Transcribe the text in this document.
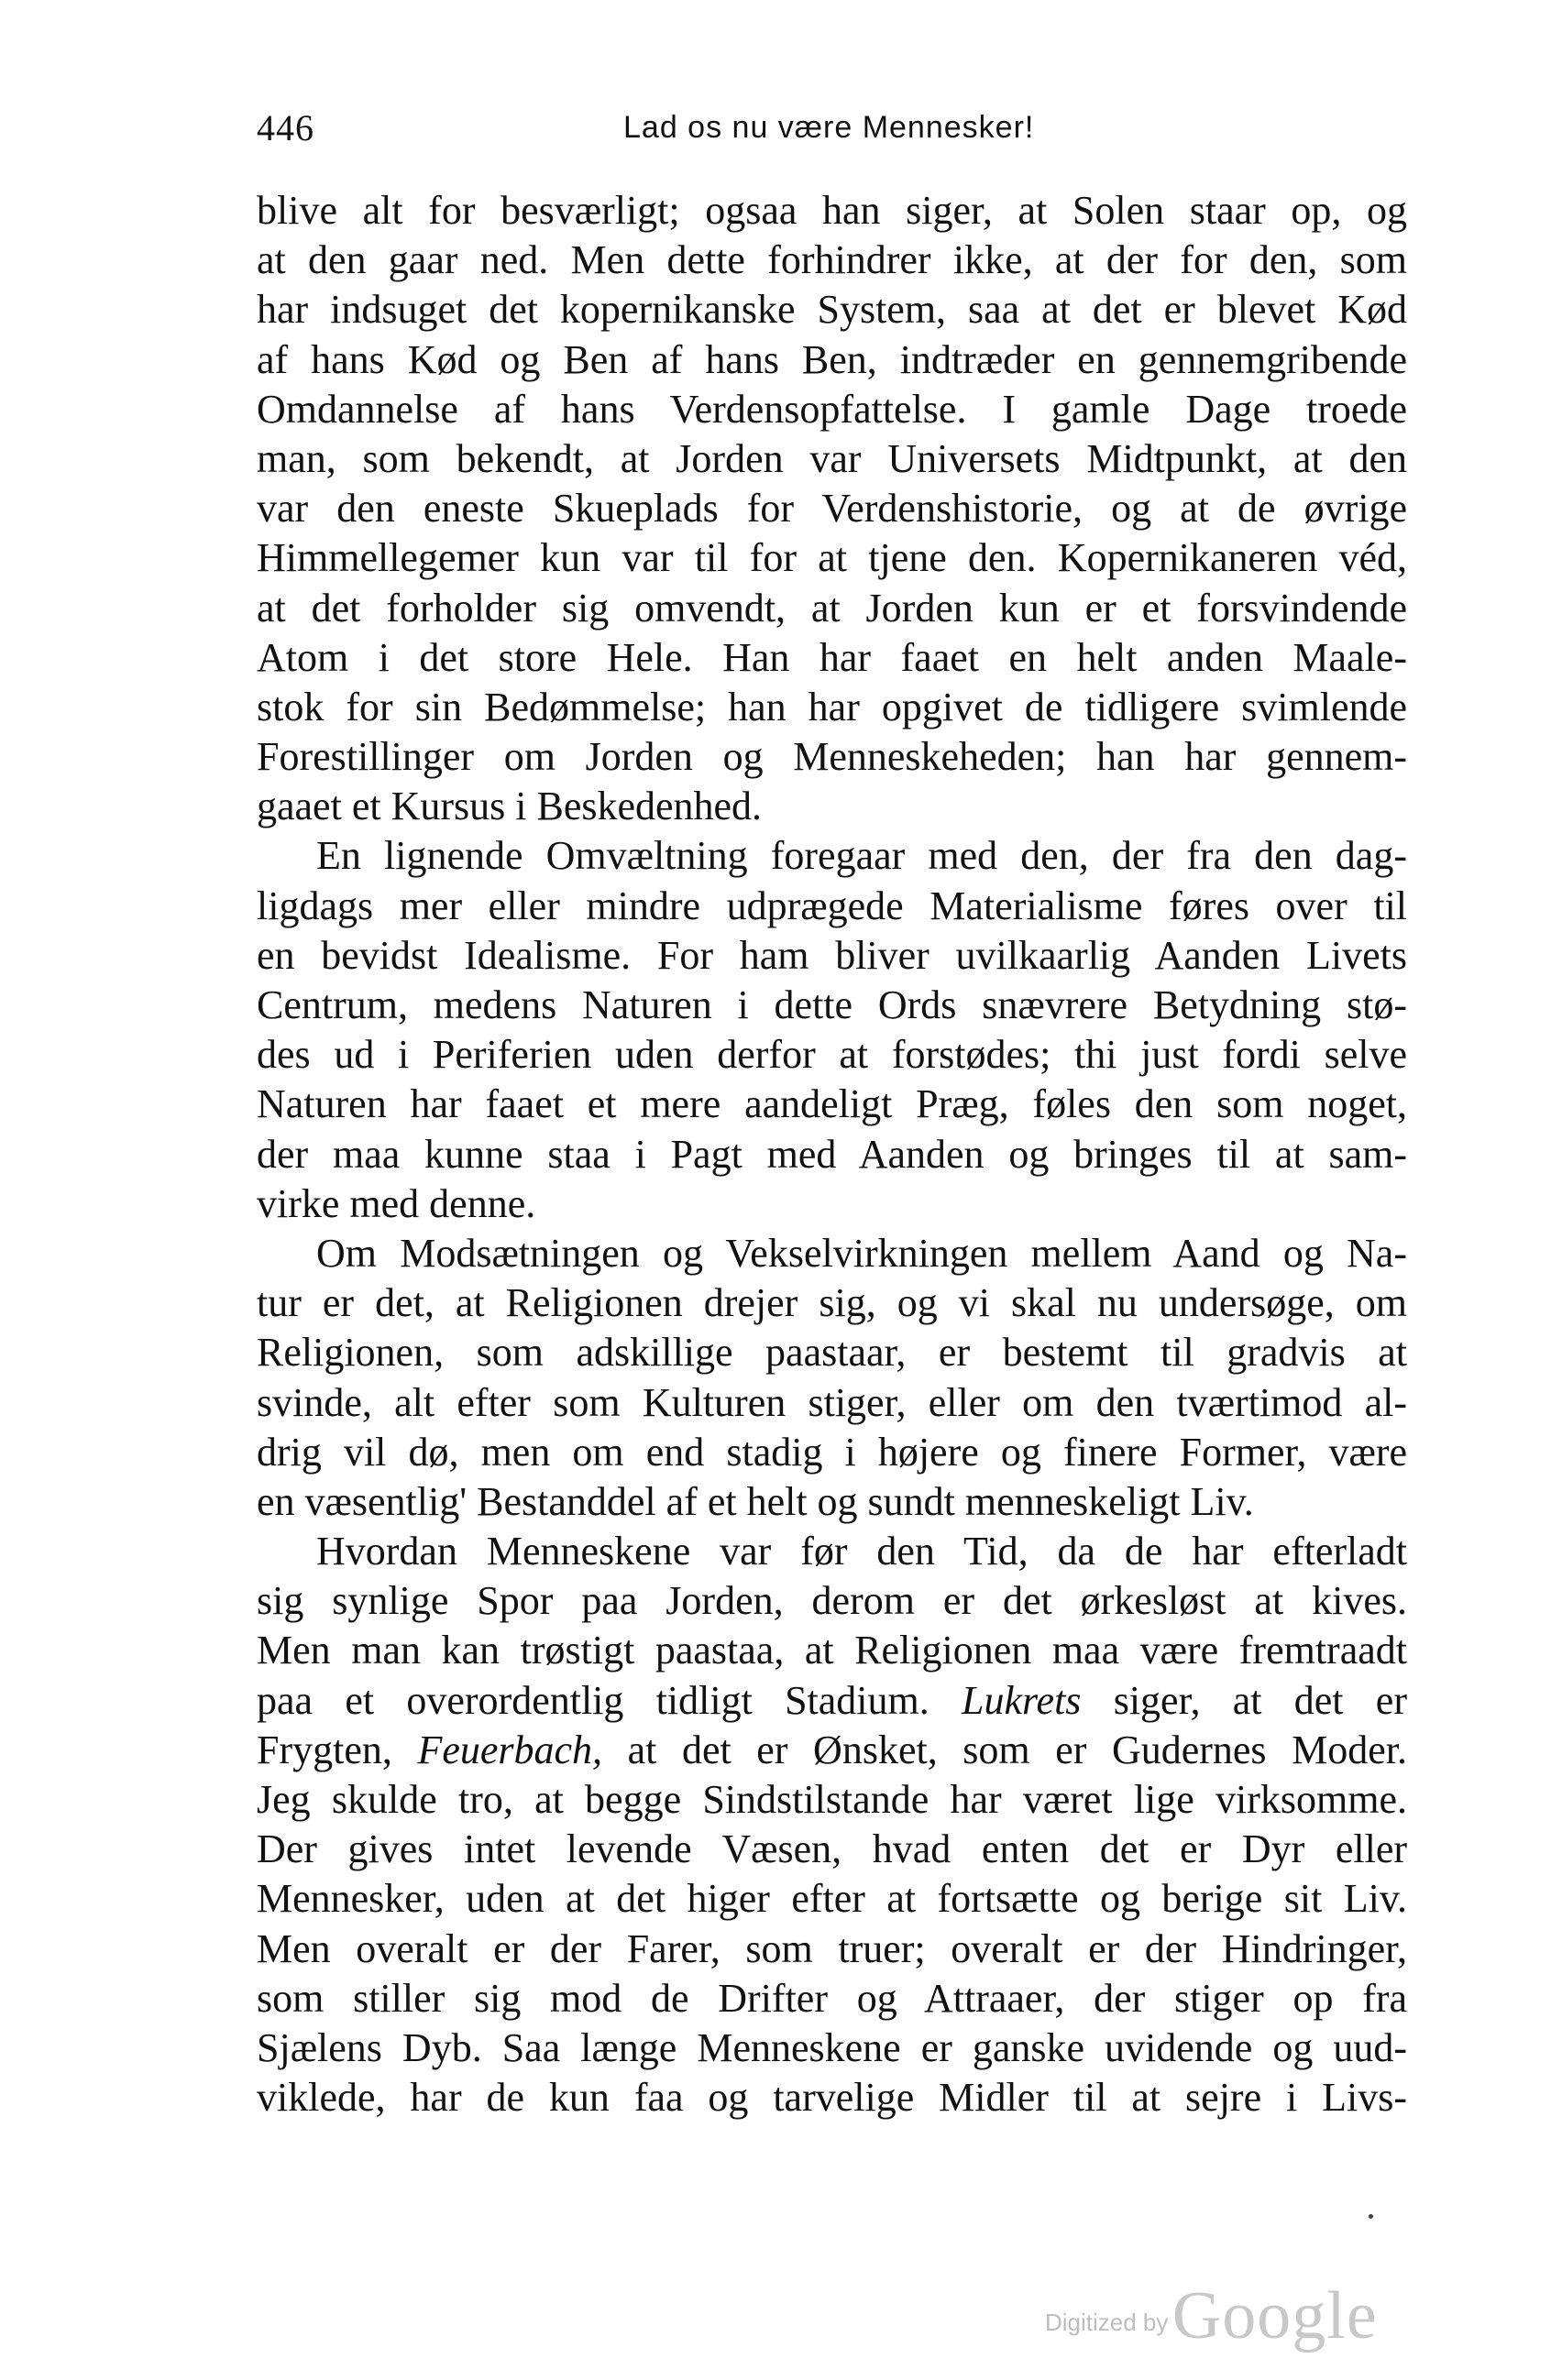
446	Lad os nu være Mennesker!
blive alt for besværligt; ogsaa han siger, at Solen staar op, og
at den gaar ned. Men dette forhindrer ikke, at der for den, som
har indsuget det kopernikanske System, saa at det er blevet Kød
af hans Kød og Ben af hans Ben, indtræder en gennemgribende
Omdannelse af hans Verdensopfattelse. I gamle Dage troede
man, som bekendt, at Jorden var Universets Midtpunkt, at den
var den eneste Skueplads for Verdenshistorie, og at de øvrige
Himmellegemer kun var til for at tjene den. Kopernikaneren véd,
at det forholder sig omvendt, at Jorden kun er et forsvindende
Atom i det store Hele. Han har faaet en helt anden Maale-
stok for sin Bedømmelse; han har opgivet de tidligere svimlende
Forestillinger om Jorden og Menneskeheden; han har gennem-
gaaet et Kursus i Beskedenhed.
En lignende Omvæltning foregaar med den, der fra den dag-
ligdags mer eller mindre udprægede Materialisme føres over til
en bevidst Idealisme. For ham bliver uvilkaarlig Aanden Livets
Centrum, medens Naturen i dette Ords snævrere Betydning stø-
des ud i Periferien uden derfor at forstødes; thi just fordi selve
Naturen har faaet et mere aandeligt Præg, føles den som noget,
der maa kunne staa i Pagt med Aanden og bringes til at sam-
virke med denne.
Om Modsætningen og Vekselvirkningen mellem Aand og Na-
tur er det, at Religionen drejer sig, og vi skal nu undersøge, om
Religionen, som adskillige paastaar, er bestemt til gradvis at
svinde, alt efter som Kulturen stiger, eller om den tværtimod al-
drig vil dø, men om end stadig i højere og finere Former, være
en væsentlig' Bestanddel af et helt og sundt menneskeligt Liv.
Hvordan Menneskene var før den Tid, da de har efterladt
sig synlige Spor paa Jorden, derom er det ørkesløst at kives.
Men man kan trøstigt paastaa, at Religionen maa være fremtraadt
paa et overordentlig tidligt Stadium. Lukrets siger, at det er
Frygten, Feuerbach, at det er Ønsket, som er Gudernes Moder.
Jeg skulde tro, at begge Sindstilstande har været lige virksomme.
Der gives intet levende Væsen, hvad enten det er Dyr eller
Mennesker, uden at det higer efter at fortsætte og berige sit Liv.
Men overalt er der Farer, som truer; overalt er der Hindringer,
som stiller sig mod de Drifter og Attraaer, der stiger op fra
Sjælens Dyb. Saa længe Menneskene er ganske uvidende og uud-
viklede, har de kun faa og tarvelige Midler til at sejre i Livs-
Digitized by Google
